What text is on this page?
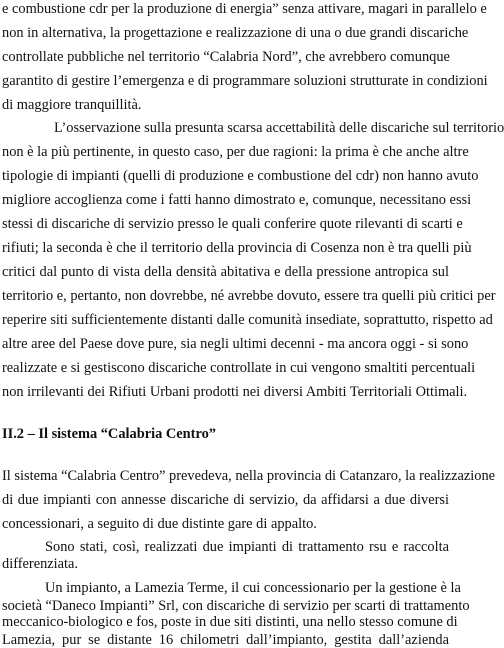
e combustione cdr per la produzione di energia” senza attivare, magari in parallelo e
non in alternativa, la progettazione e realizzazione di una o due grandi discariche
controllate pubbliche nel territorio “Calabria Nord”, che avrebbero comunque
garantito di gestire l’emergenza e di programmare soluzioni strutturate in condizioni
di maggiore tranquillità.
L’osservazione sulla presunta scarsa accettabilità delle discariche sul territorio
non è la più pertinente, in questo caso, per due ragioni: la prima è che anche altre
tipologie di impianti (quelli di produzione e combustione del cdr) non hanno avuto
migliore accoglienza come i fatti hanno dimostrato e, comunque, necessitano essi
stessi di discariche di servizio presso le quali conferire quote rilevanti di scarti e
rifiuti; la seconda è che il territorio della provincia di Cosenza non è tra quelli più
critici dal punto di vista della densità abitativa e della pressione antropica sul
territorio e, pertanto, non dovrebbe, né avrebbe dovuto, essere tra quelli più critici per
reperire siti sufficientemente distanti dalle comunità insediate, soprattutto, rispetto ad
altre aree del Paese dove pure, sia negli ultimi decenni - ma ancora oggi - si sono
realizzate e si gestiscono discariche controllate in cui vengono smaltiti percentuali
non irrilevanti dei Rifiuti Urbani prodotti nei diversi Ambiti Territoriali Ottimali.
II.2 – Il sistema “Calabria Centro”
Il sistema “Calabria Centro” prevedeva, nella provincia di Catanzaro, la realizzazione
di due impianti con annesse discariche di servizio, da affidarsi a due diversi
concessionari, a seguito di due distinte gare di appalto.
Sono stati, così, realizzati due impianti di trattamento rsu e raccolta
differenziata.
Un impianto, a Lamezia Terme, il cui concessionario per la gestione è la
società “Daneco Impianti” Srl, con discariche di servizio per scarti di trattamento
meccanico-biologico e fos, poste in due siti distinti, una nello stesso comune di
Lamezia, pur se distante 16 chilometri dall’impianto, gestita dall’azienda
